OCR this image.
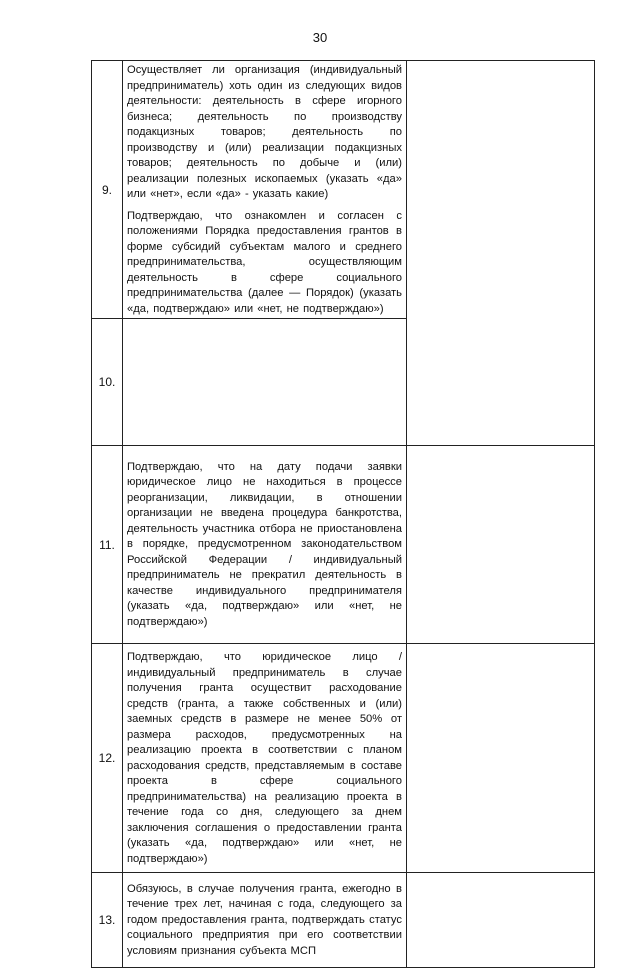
30
9.	Осуществляет ли организация (индивидуальный предприниматель) хоть один из следующих видов деятельности: деятельность в сфере игорного бизнеса; деятельность по производству подакцизных товаров; деятельность по производству и (или) реализации подакцизных товаров; деятельность по добыче и (или) реализации полезных ископаемых (указать «да» или «нет», если «да» - указать какие)
Подтверждаю, что ознакомлен и согласен с положениями Порядка предоставления грантов в форме субсидий субъектам малого и среднего предпринимательства, осуществляющим деятельность в сфере социального предпринимательства (далее — Порядок) (указать «да, подтверждаю» или «нет, не подтверждаю»)	

10.		
11.	Подтверждаю, что на дату подачи заявки юридическое лицо не находиться в процессе реорганизации, ликвидации, в отношении организации не введена процедура банкротства, деятельность участника отбора не приостановлена в порядке, предусмотренном законодательством Российской Федерации / индивидуальный предприниматель не прекратил деятельность в качестве индивидуального предпринимателя (указать «да, подтверждаю» или «нет, не подтверждаю»)	

12.	Подтверждаю, что юридическое лицо / индивидуальный предприниматель в случае получения гранта осуществит расходование средств (гранта, а также собственных и (или) заемных средств в размере не менее 50% от размера расходов, предусмотренных на реализацию проекта в соответствии с планом расходования средств, представляемым в составе проекта в сфере социального предпринимательства) на реализацию проекта в течение года со дня, следующего за днем заключения соглашения о предоставлении гранта (указать «да, подтверждаю» или «нет, не подтверждаю»)	

13.	Обязуюсь, в случае получения гранта, ежегодно в течение трех лет, начиная с года, следующего за годом предоставления гранта, подтверждать статус социального предприятия при его соответствии условиям признания субъекта МСП	
